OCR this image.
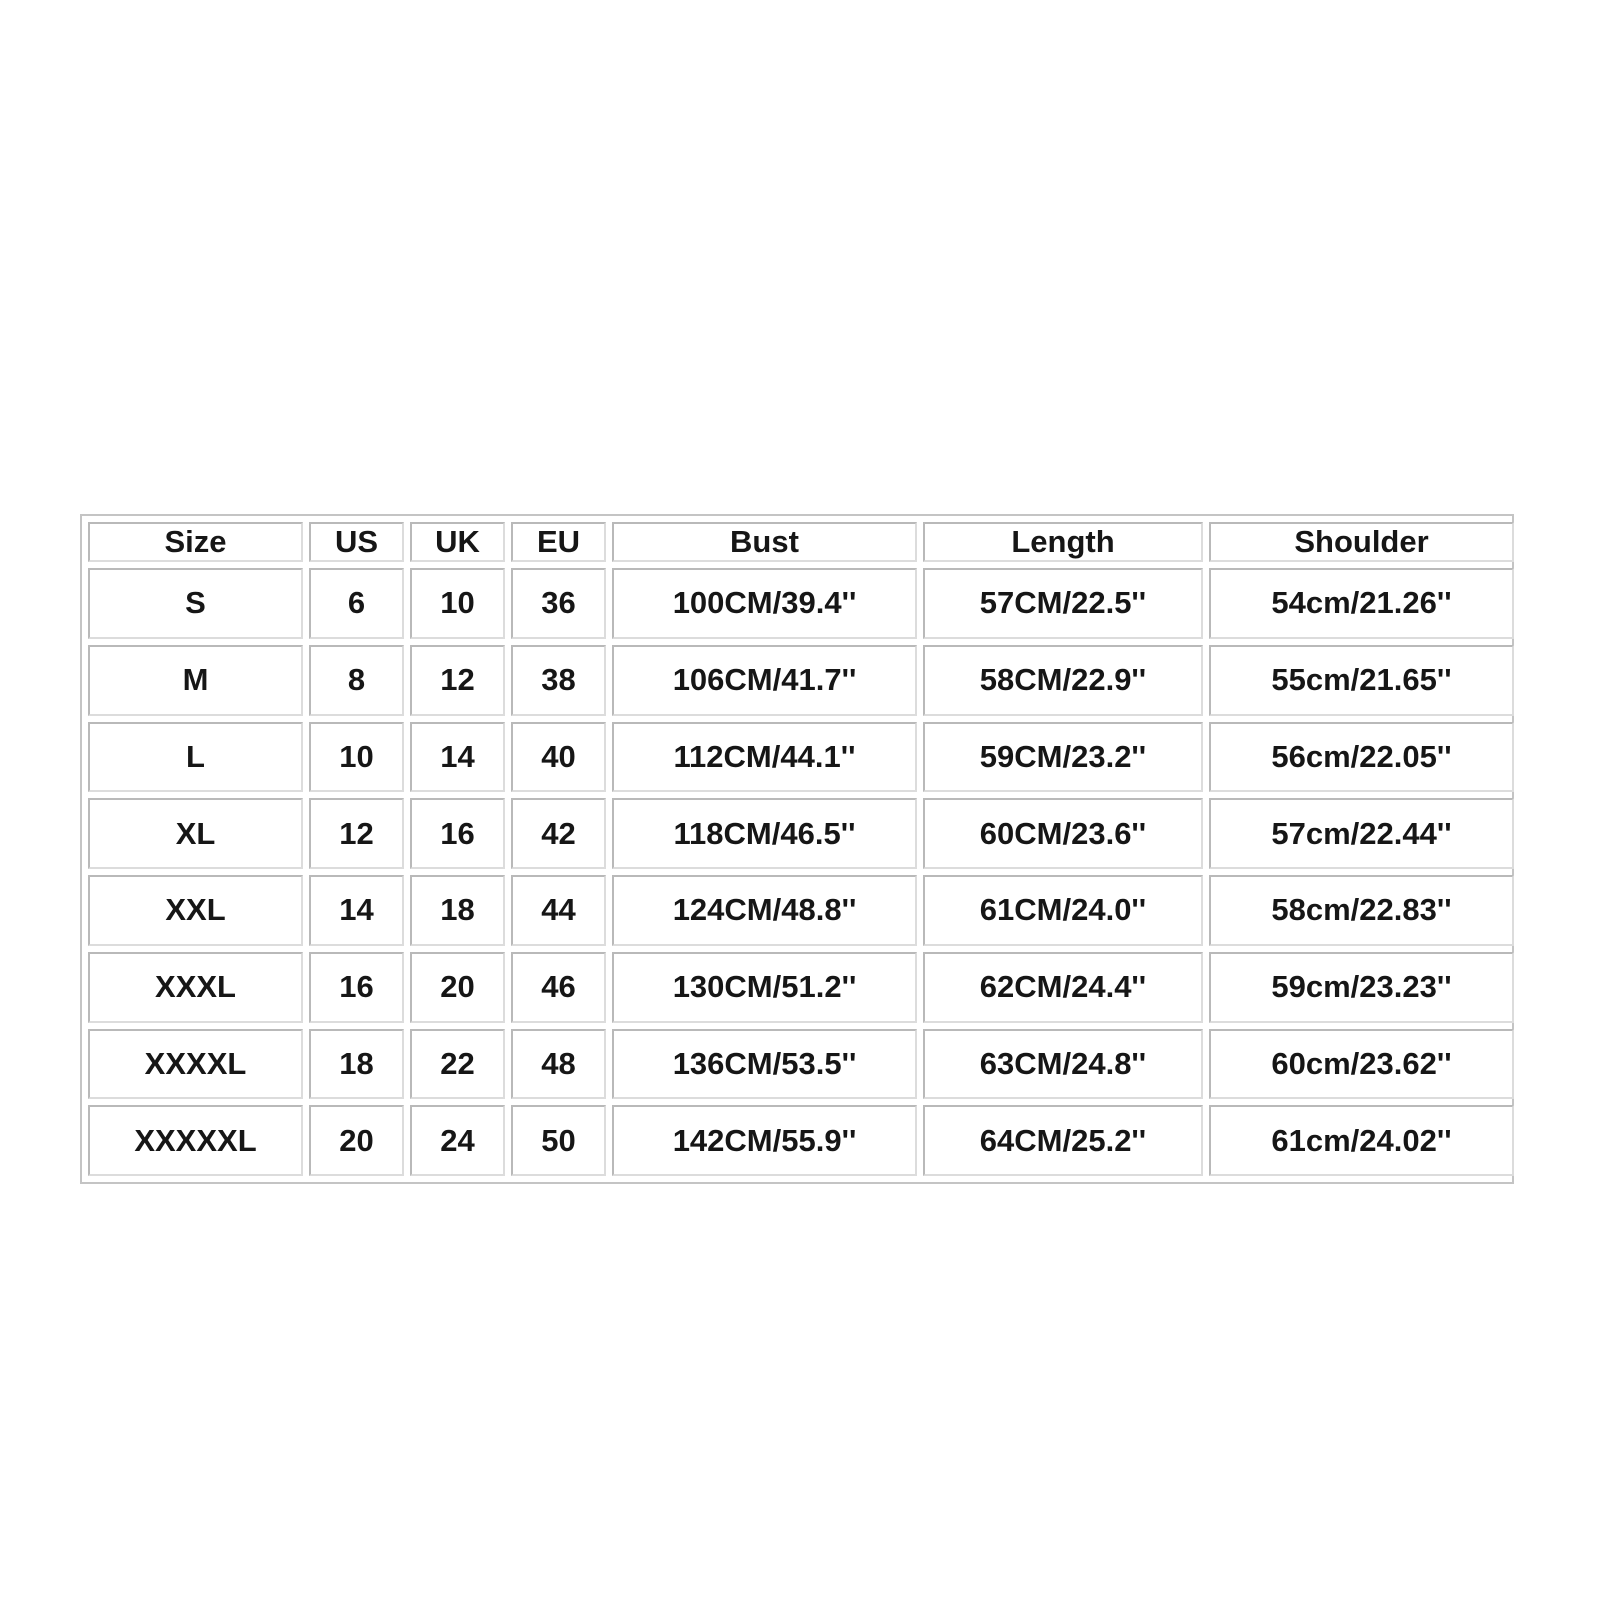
Size	US	UK	EU	Bust	Length	Shoulder
S	6	10	36	100CM/39.4''	57CM/22.5''	54cm/21.26''
M	8	12	38	106CM/41.7''	58CM/22.9''	55cm/21.65''
L	10	14	40	112CM/44.1''	59CM/23.2''	56cm/22.05''
XL	12	16	42	118CM/46.5''	60CM/23.6''	57cm/22.44''
XXL	14	18	44	124CM/48.8''	61CM/24.0''	58cm/22.83''
XXXL	16	20	46	130CM/51.2''	62CM/24.4''	59cm/23.23''
XXXXL	18	22	48	136CM/53.5''	63CM/24.8''	60cm/23.62''
XXXXXL	20	24	50	142CM/55.9''	64CM/25.2''	61cm/24.02''
